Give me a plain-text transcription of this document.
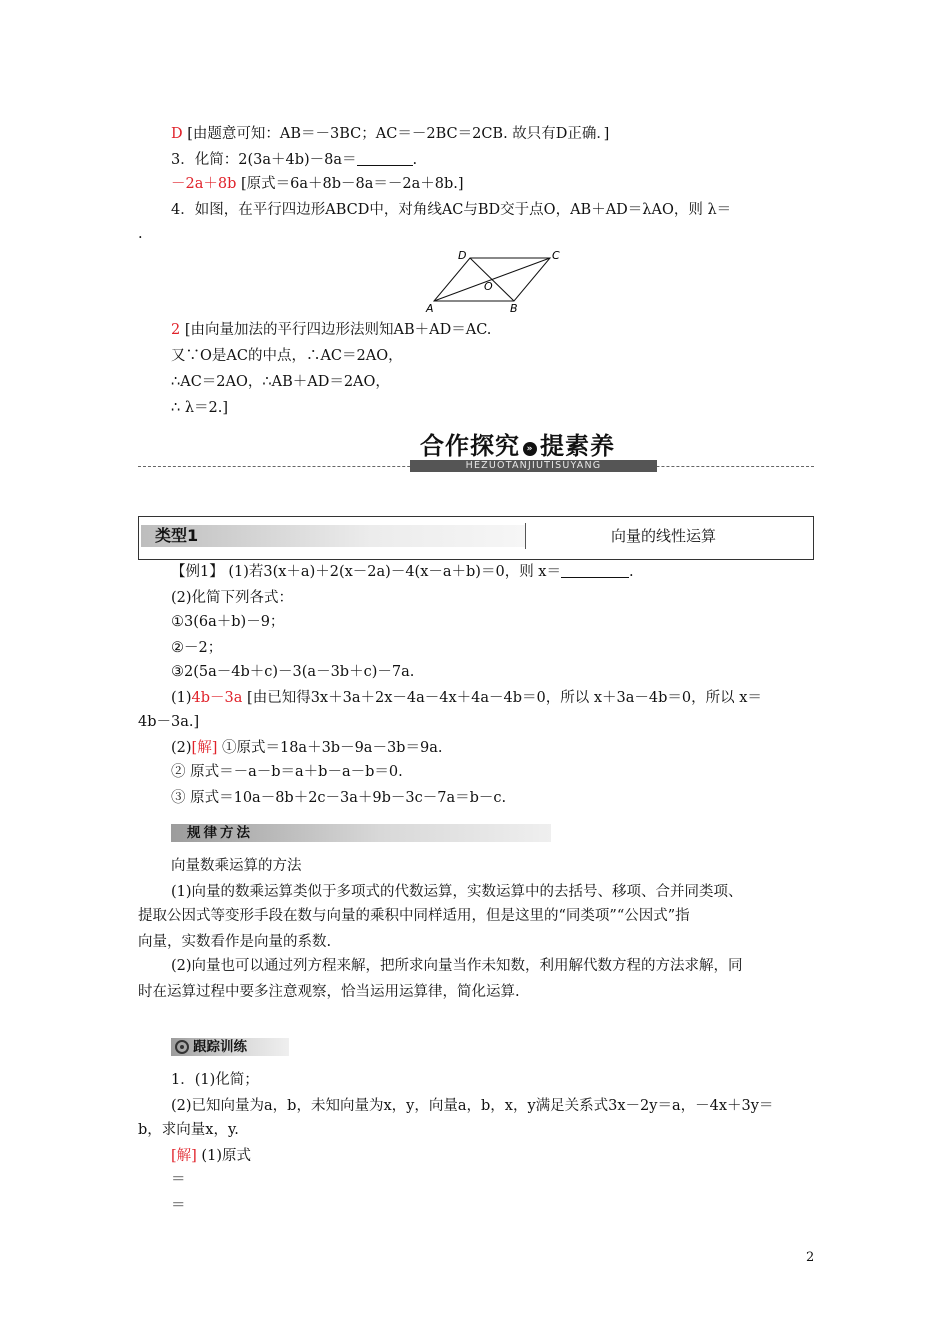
D [由题意可知：AB＝－3BC；AC＝－2BC＝2CB. 故只有D正确．]
3．化简：2(3a＋4b)－8a＝	.
－2a＋8b [原式＝6a＋8b－8a＝－2a＋8b.]
4．如图，在平行四边形ABCD中，对角线AC与BD交于点O，AB＋AD＝λAO，则 λ＝
.
A	B
C
D
O
2 [由向量加法的平行四边形法则知AB＋AD＝AC.
又∵O是AC的中点，∴AC＝2AO，
∴AC＝2AO，∴AB＋AD＝2AO，
∴ λ＝2.]
合作探究 » 提素养
HEZUOTANJIUTISUYANG
类型1	向量的线性运算
【例1】 (1)若3(x＋a)＋2(x－2a)－4(x－a＋b)＝0，则 x＝	.
(2)化简下列各式：
①3(6a＋b)－9；
②－2；
③2(5a－4b＋c)－3(a－3b＋c)－7a.
(1)4b－3a [由已知得3x＋3a＋2x－4a－4x＋4a－4b＝0，所以 x＋3a－4b＝0，所以 x＝
4b－3a.]
(2)[解] ①原式＝18a＋3b－9a－3b＝9a.
② 原式＝－a－b＝a＋b－a－b＝0.
③ 原式＝10a－8b＋2c－3a＋9b－3c－7a＝b－c.
规律方法
向量数乘运算的方法
(1)向量的数乘运算类似于多项式的代数运算，实数运算中的去括号、移项、合并同类项、
提取公因式等变形手段在数与向量的乘积中同样适用，但是这里的“同类项”“公因式”指
向量，实数看作是向量的系数.
(2)向量也可以通过列方程来解，把所求向量当作未知数，利用解代数方程的方法求解，同
时在运算过程中要多注意观察，恰当运用运算律，简化运算.
跟踪训练
1．(1)化简；
(2)已知向量为a，b，未知向量为x，y，向量a，b，x，y满足关系式3x－2y＝a，－4x＋3y＝
b，求向量x，y.
[解] (1)原式
＝
＝
2
